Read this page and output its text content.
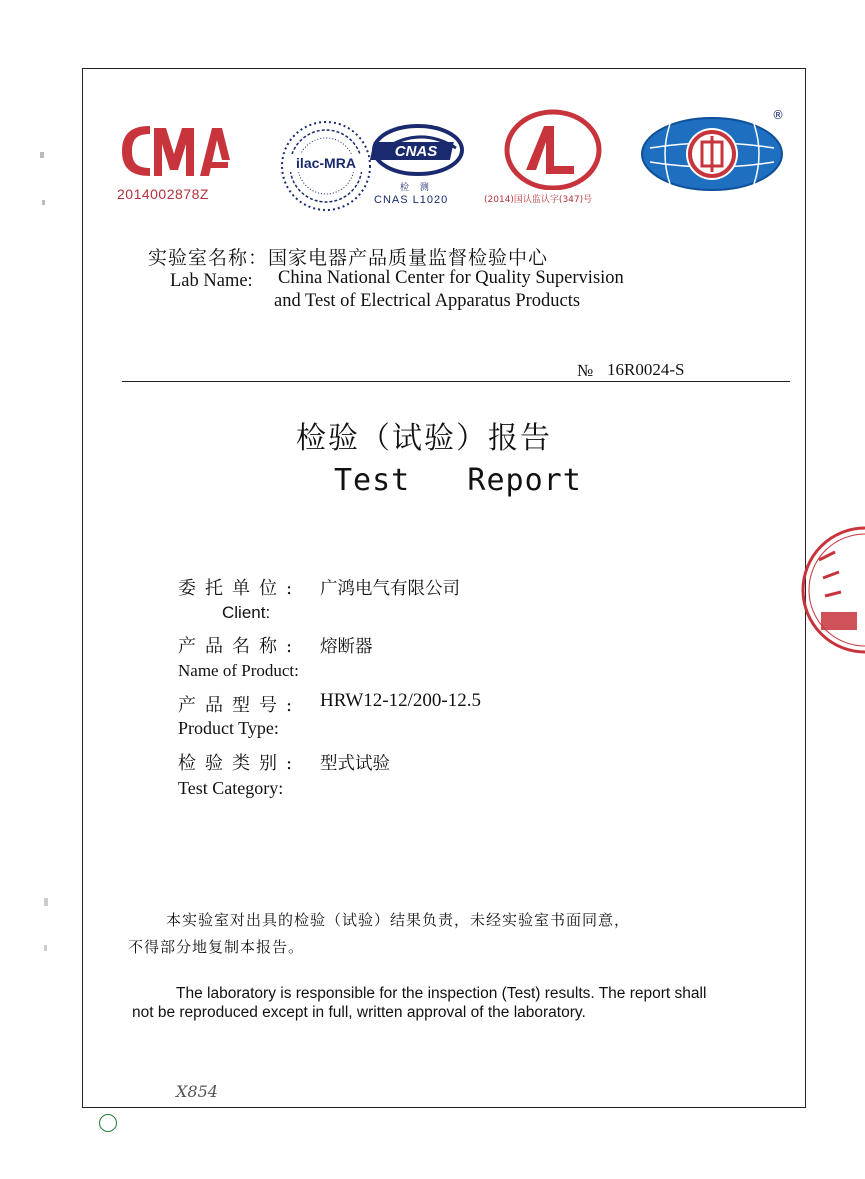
2014002878Z
ilac-MRA
CNAS
检 测
CNAS L1020	(2014)国认监认字(347)号
®
实验室名称：国家电器产品质量监督检验中心
Lab Name: China National Center for Quality Supervision
and Test of Electrical Apparatus Products
№ 16R0024-S
检验（试验）报告
Test   Report
委托单位: 广鸿电气有限公司
Client:
产品名称: 熔断器
Name of Product:
产品型号: HRW12-12/200-12.5
Product Type:
检验类别: 型式试验
Test Category:
本实验室对出具的检验（试验）结果负责，未经实验室书面同意，
不得部分地复制本报告。
The laboratory is responsible for the inspection (Test) results. The report shall
not be reproduced except in full, written approval of the laboratory.
X854
